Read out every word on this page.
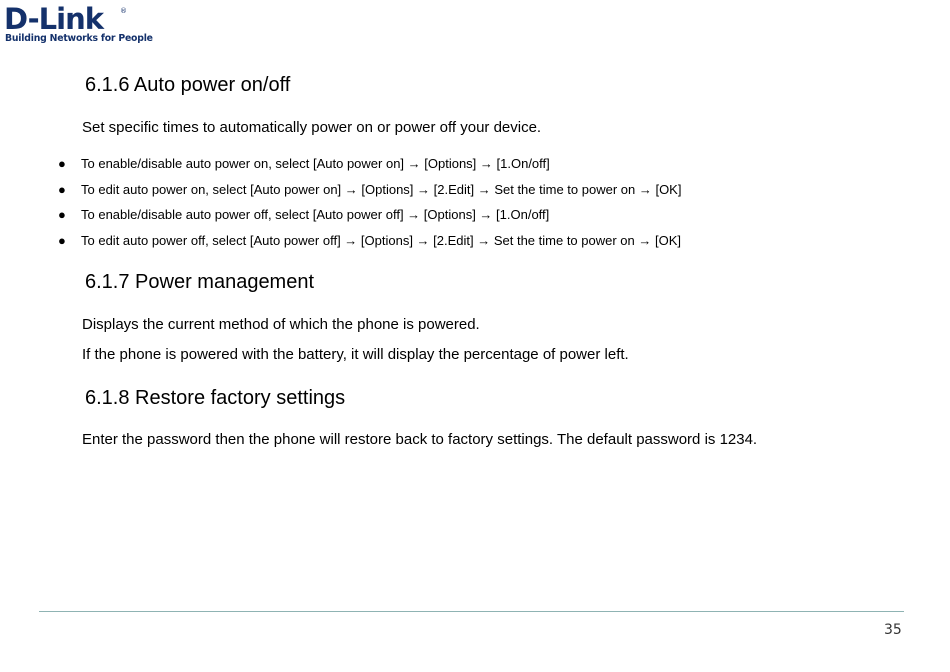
D-Link ®
Building Networks for People
6.1.6 Auto power on/off
Set specific times to automatically power on or power off your device.
●	To enable/disable auto power on, select [Auto power on] → [Options] → [1.On/off]
●	To edit auto power on, select [Auto power on] → [Options] → [2.Edit] → Set the time to power on → [OK]
●	To enable/disable auto power off, select [Auto power off] → [Options] → [1.On/off]
●	To edit auto power off, select [Auto power off] → [Options] → [2.Edit] → Set the time to power on → [OK]
6.1.7 Power management
Displays the current method of which the phone is powered.
If the phone is powered with the battery, it will display the percentage of power left.
6.1.8 Restore factory settings
Enter the password then the phone will restore back to factory settings. The default password is 1234.
35
